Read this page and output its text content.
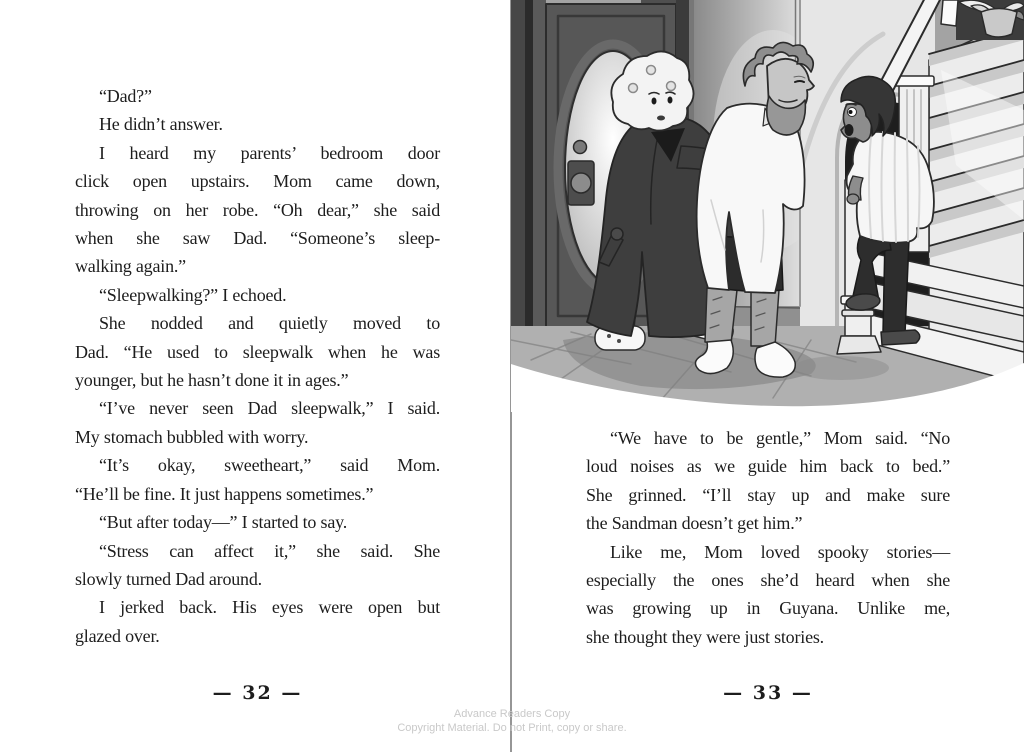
“Dad?”
He didn’t answer.
I heard my parents’ bedroom door
click open upstairs. Mom came down,
throwing on her robe. “Oh dear,” she said
when she saw Dad. “Someone’s sleep-
walking again.”
“Sleepwalking?” I echoed.
She nodded and quietly moved to
Dad. “He used to sleepwalk when he was
younger, but he hasn’t done it in ages.”
“I’ve never seen Dad sleepwalk,” I said.
My stomach bubbled with worry.
“It’s okay, sweetheart,” said Mom.
“He’ll be fine. It just happens sometimes.”
“But after today—” I started to say.
“Stress can affect it,” she said. She
slowly turned Dad around.
I jerked back. His eyes were open but
glazed over.
— 32 —
“We have to be gentle,” Mom said. “No
loud noises as we guide him back to bed.”
She grinned. “I’ll stay up and make sure
the Sandman doesn’t get him.”
Like me, Mom loved spooky stories—
especially the ones she’d heard when she
was growing up in Guyana. Unlike me,
she thought they were just stories.
— 33 —
Advance Readers Copy
Copyright Material. Do not Print, copy or share.
